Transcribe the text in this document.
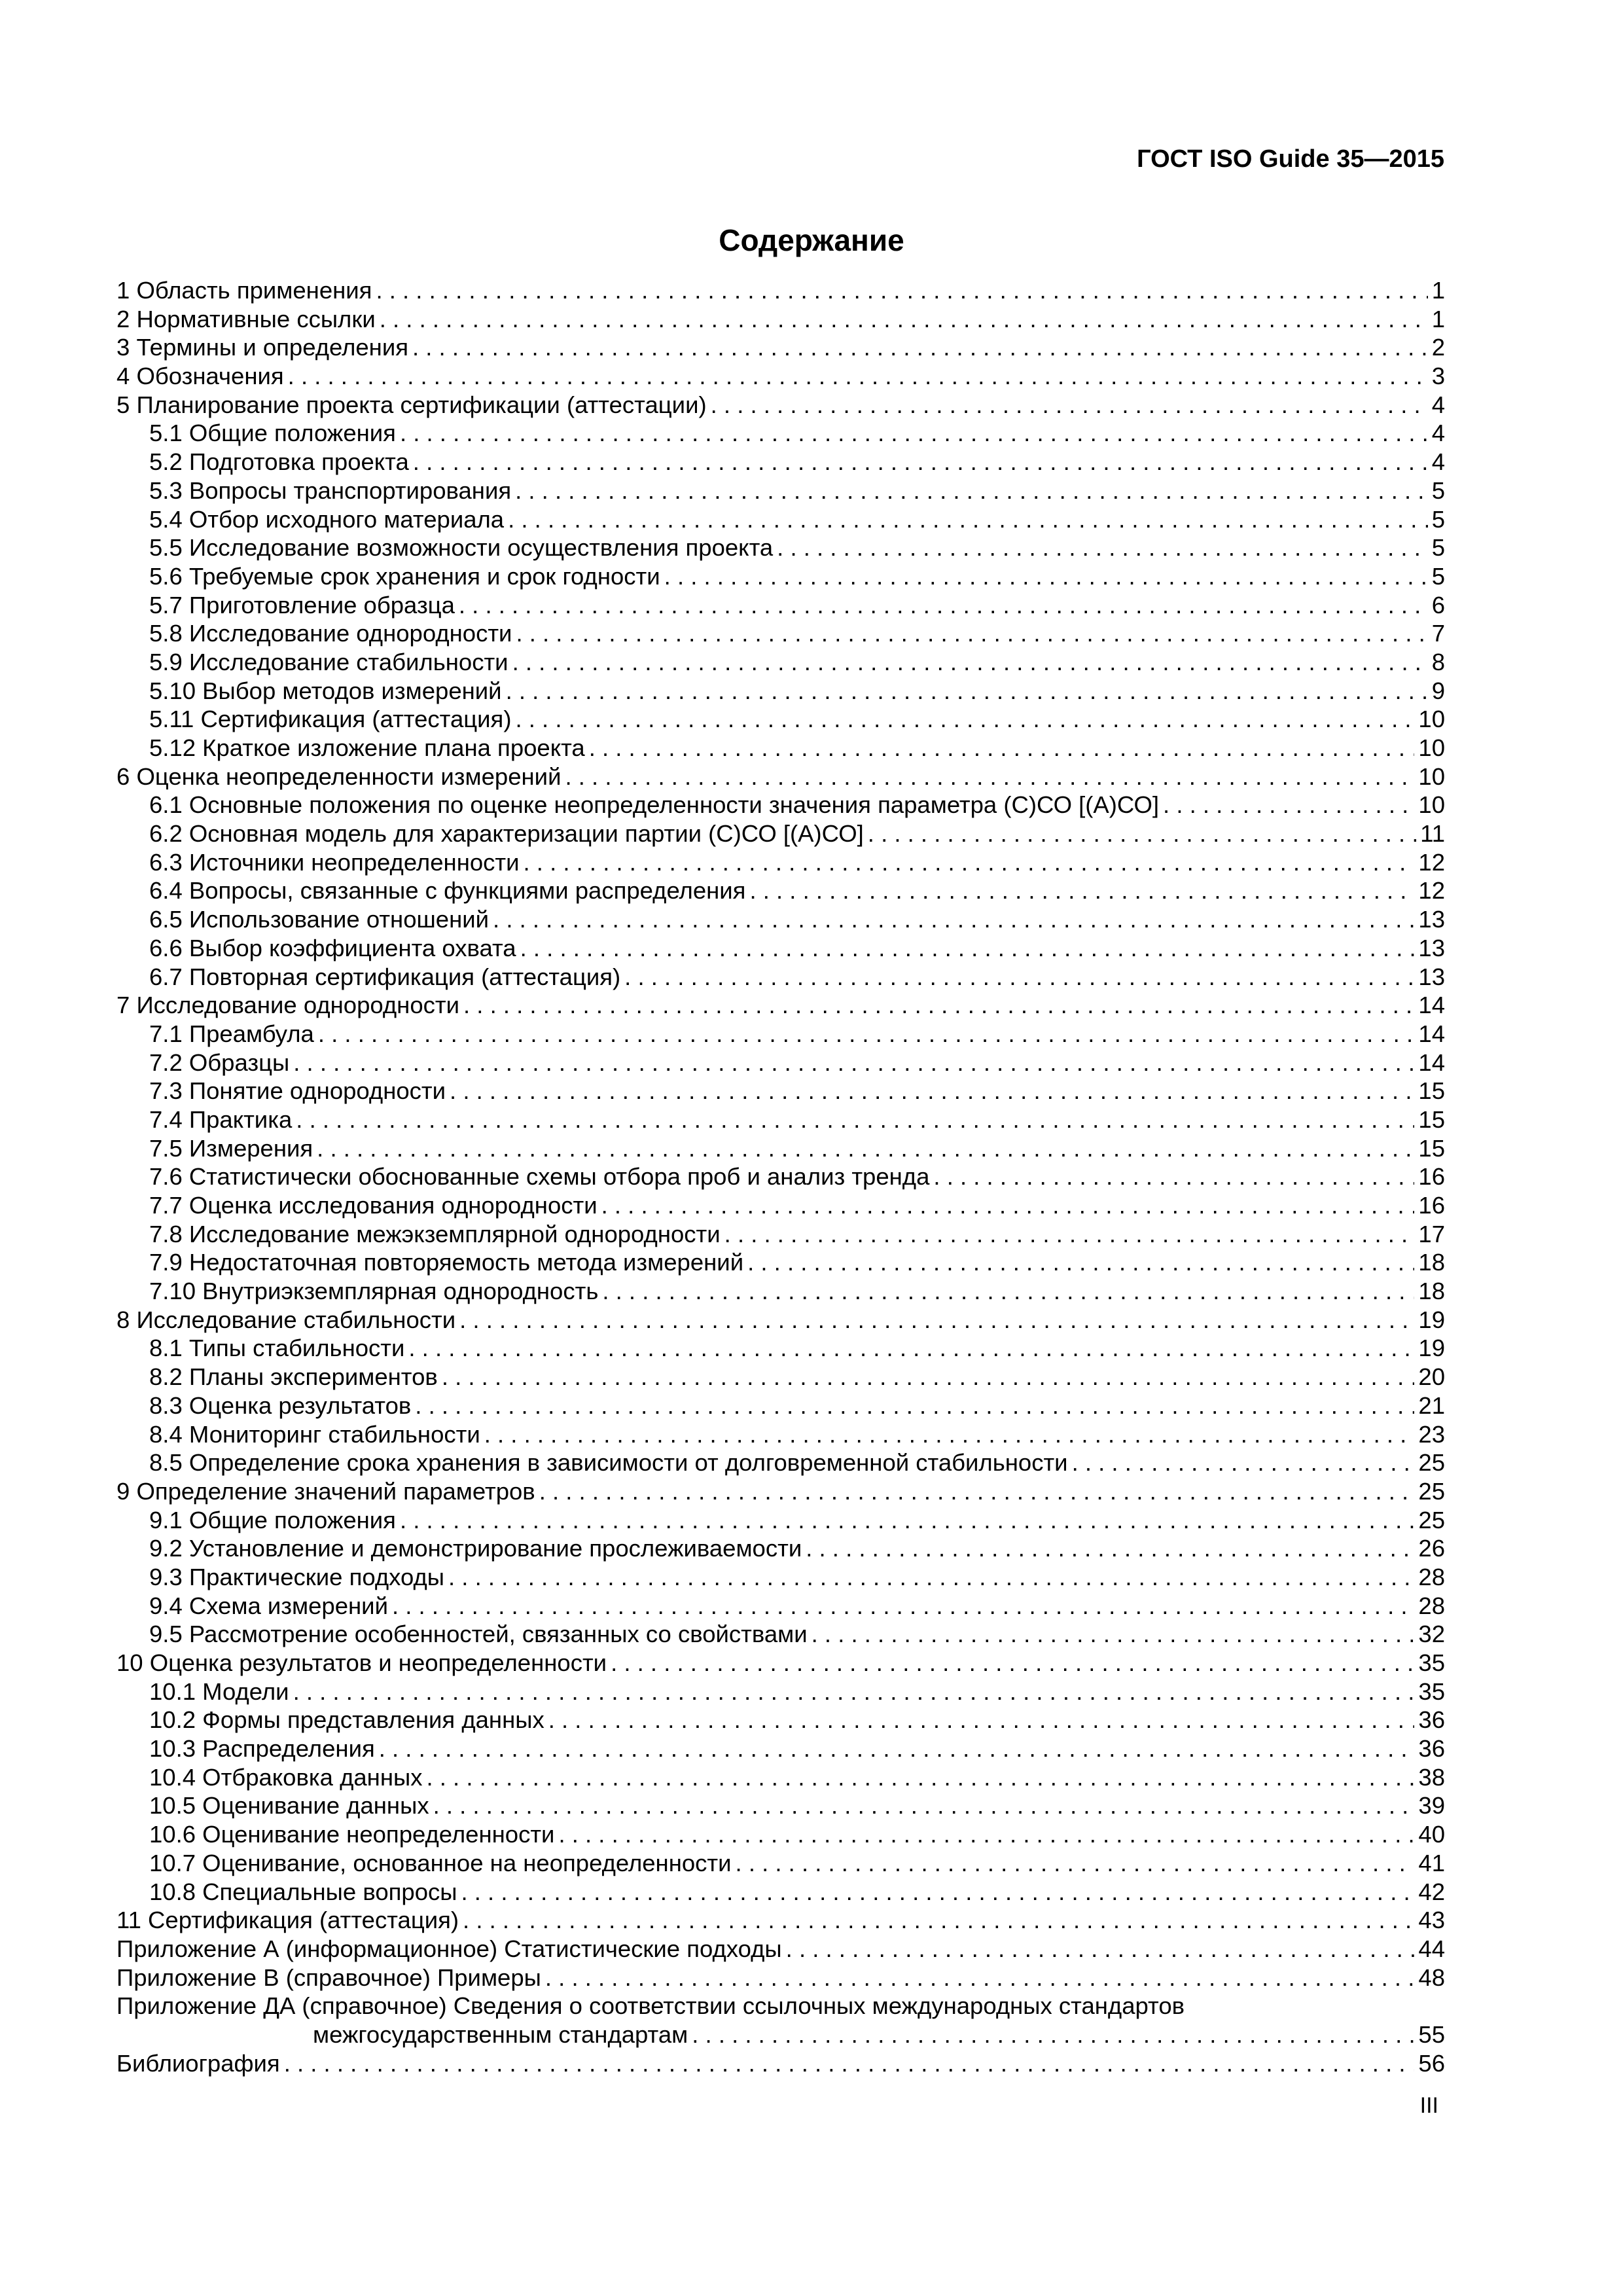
ГОСТ ISO Guide 35—2015
Содержание
1 Область применения . . .	1
2 Нормативные ссылки . . .	1
3 Термины и определения . . .	2
4 Обозначения . . .	3
5 Планирование проекта сертификации (аттестации) . . .	4
5.1 Общие положения . . .	4
5.2 Подготовка проекта . . .	4
5.3 Вопросы транспортирования . . .	5
5.4 Отбор исходного материала . . .	5
5.5 Исследование возможности осуществления проекта . . .	5
5.6 Требуемые срок хранения и срок годности . . .	5
5.7 Приготовление образца . . .	6
5.8 Исследование однородности . . .	7
5.9 Исследование стабильности . . .	8
5.10 Выбор методов измерений . . .	9
5.11 Сертификация (аттестация) . . .	10
5.12 Краткое изложение плана проекта . . .	10
6 Оценка неопределенности измерений . . .	10
6.1 Основные положения по оценке неопределенности значения параметра (С)СО [(А)СО] . . .	10
6.2 Основная модель для характеризации партии (С)СО [(А)СО] . . .	11
6.3 Источники неопределенности . . .	12
6.4 Вопросы, связанные с функциями распределения . . .	12
6.5 Использование отношений . . .	13
6.6 Выбор коэффициента охвата . . .	13
6.7 Повторная сертификация (аттестация) . . .	13
7 Исследование однородности . . .	14
7.1 Преамбула . . .	14
7.2 Образцы . . .	14
7.3 Понятие однородности . . .	15
7.4 Практика . . .	15
7.5 Измерения . . .	15
7.6 Статистически обоснованные схемы отбора проб и анализ тренда . . .	16
7.7 Оценка исследования однородности . . .	16
7.8 Исследование межэкземплярной однородности . . .	17
7.9 Недостаточная повторяемость метода измерений . . .	18
7.10 Внутриэкземплярная однородность . . .	18
8 Исследование стабильности . . .	19
8.1 Типы стабильности . . .	19
8.2 Планы экспериментов . . .	20
8.3 Оценка результатов . . .	21
8.4 Мониторинг стабильности . . .	23
8.5 Определение срока хранения в зависимости от долговременной стабильности . . .	25
9 Определение значений параметров . . .	25
9.1 Общие положения . . .	25
9.2 Установление и демонстрирование прослеживаемости . . .	26
9.3 Практические подходы . . .	28
9.4 Схема измерений . . .	28
9.5 Рассмотрение особенностей, связанных со свойствами . . .	32
10 Оценка результатов и неопределенности . . .	35
10.1 Модели . . .	35
10.2 Формы представления данных . . .	36
10.3 Распределения . . .	36
10.4 Отбраковка данных . . .	38
10.5 Оценивание данных . . .	39
10.6 Оценивание неопределенности . . .	40
10.7 Оценивание, основанное на неопределенности . . .	41
10.8 Специальные вопросы . . .	42
11 Сертификация (аттестация) . . .	43
Приложение А (информационное) Статистические подходы . . .	44
Приложение В (справочное) Примеры . . .	48
Приложение ДА (справочное) Сведения о соответствии ссылочных международных стандартов
межгосударственным стандартам . . .	55
Библиография . . .	56
III
